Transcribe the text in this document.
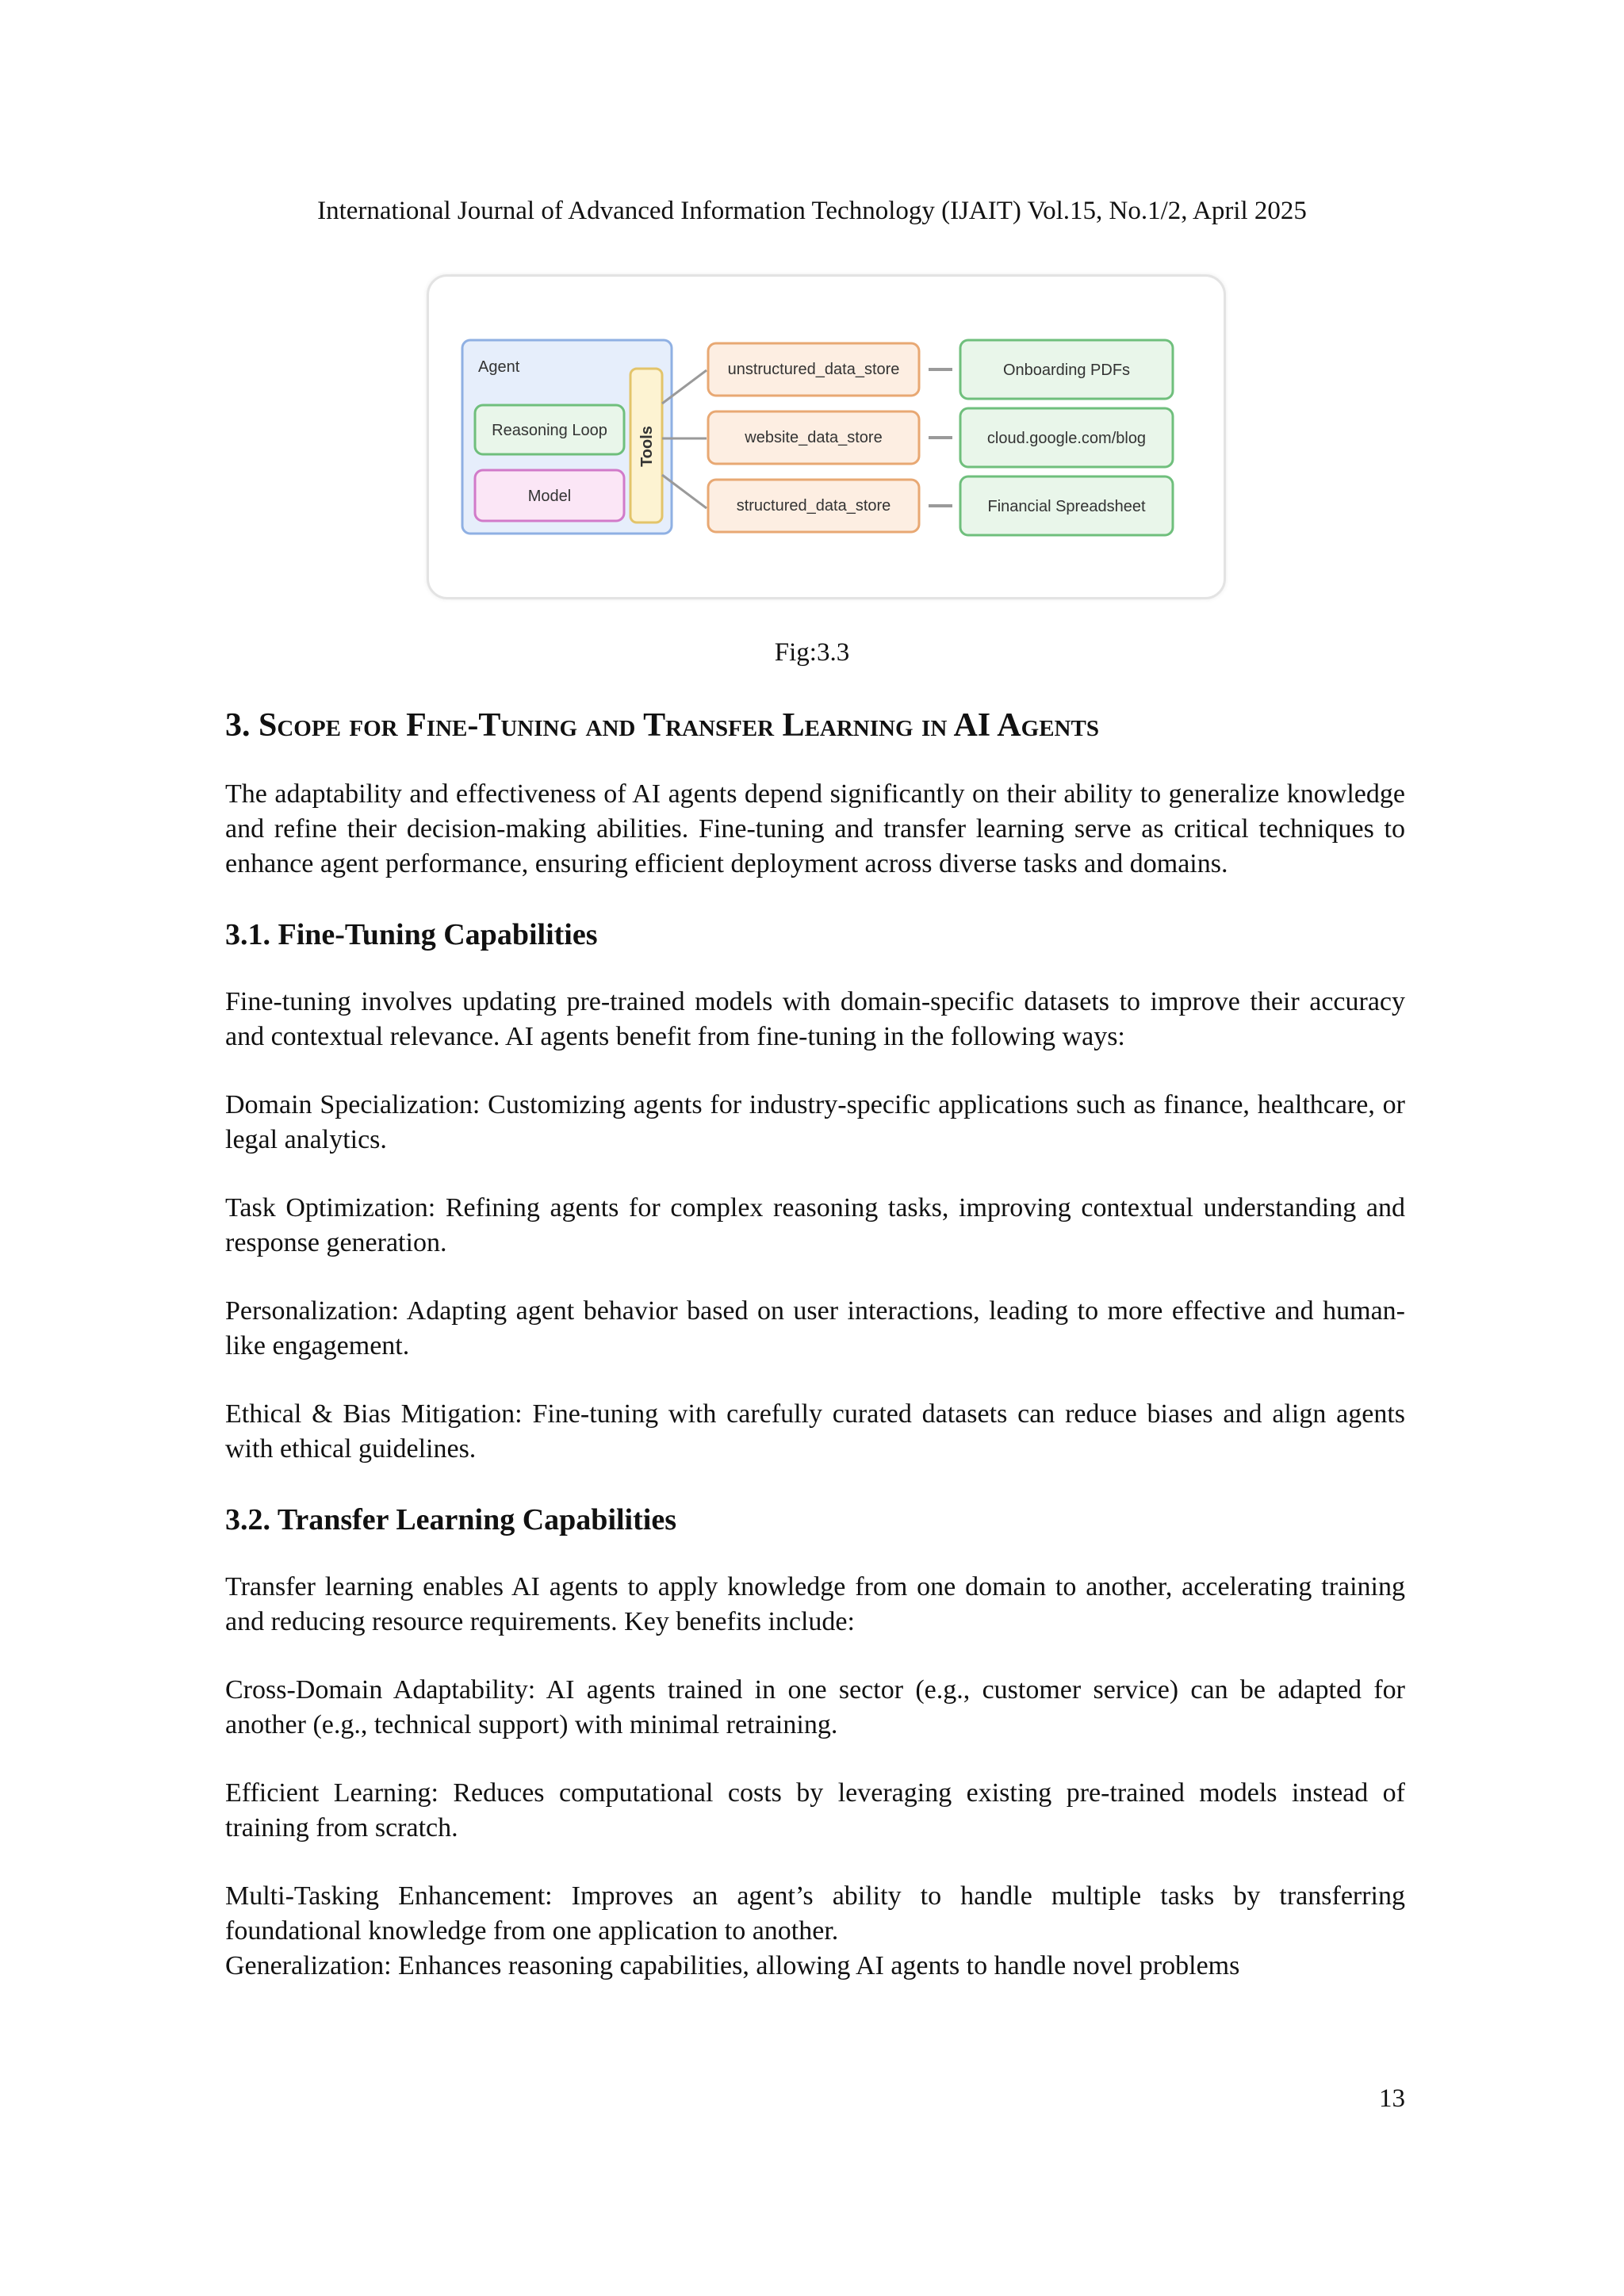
International Journal of Advanced Information Technology (IJAIT) Vol.15, No.1/2, April 2025
Agent
Reasoning Loop
Model
Tools
unstructured_data_store
website_data_store
structured_data_store
Onboarding PDFs
cloud.google.com/blog
Financial Spreadsheet
Fig:3.3
3. Scope for Fine-Tuning and Transfer Learning in AI Agents

The adaptability and effectiveness of AI agents depend significantly on their ability to generalize knowledge and refine their decision-making abilities. Fine-tuning and transfer learning serve as critical techniques to enhance agent performance, ensuring efficient deployment across diverse tasks and domains.

3.1. Fine-Tuning Capabilities

Fine-tuning involves updating pre-trained models with domain-specific datasets to improve their accuracy and contextual relevance. AI agents benefit from fine-tuning in the following ways:

Domain Specialization: Customizing agents for industry-specific applications such as finance, healthcare, or legal analytics.

Task Optimization: Refining agents for complex reasoning tasks, improving contextual understanding and response generation.

Personalization: Adapting agent behavior based on user interactions, leading to more effective and human-like engagement.

Ethical & Bias Mitigation: Fine-tuning with carefully curated datasets can reduce biases and align agents with ethical guidelines.

3.2. Transfer Learning Capabilities

Transfer learning enables AI agents to apply knowledge from one domain to another, accelerating training and reducing resource requirements. Key benefits include:

Cross-Domain Adaptability: AI agents trained in one sector (e.g., customer service) can be adapted for another (e.g., technical support) with minimal retraining.

Efficient Learning: Reduces computational costs by leveraging existing pre-trained models instead of training from scratch.

Multi-Tasking Enhancement: Improves an agent’s ability to handle multiple tasks by transferring foundational knowledge from one application to another.

Generalization: Enhances reasoning capabilities, allowing AI agents to handle novel problems

13
